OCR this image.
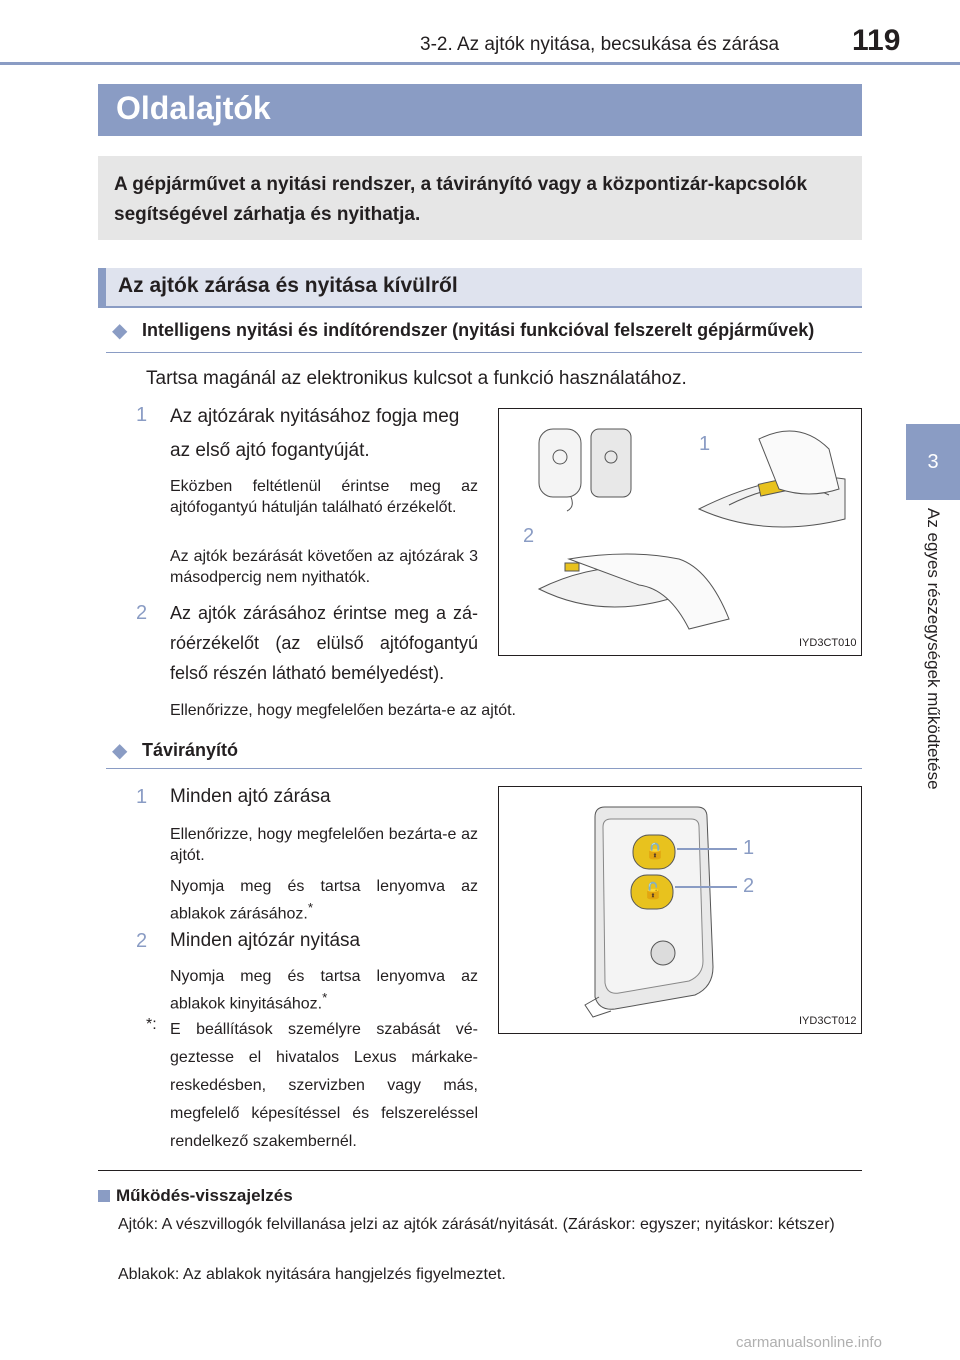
3-2. Az ajtók nyitása, becsukása és zárása 119
3
Az egyes részegységek működtetése
Oldalajtók
A gépjárművet a nyitási rendszer, a távirányító vagy a központizár-kapcsolók segítségével zárhatja és nyithatja.
Az ajtók zárása és nyitása kívülről
◆ Intelligens nyitási és indítórendszer (nyitási funkcióval felszerelt gépjárművek)
Tartsa magánál az elektronikus kulcsot a funkció használatához.
1 Az ajtózárak nyitásához fogja meg
az első ajtó fogantyúját.
Eközben feltétlenül érintse meg az ajtófogantyú hátulján található érzékelőt.
Az ajtók bezárását követően az ajtózárak 3 másodpercig nem nyithatók.
2 Az ajtók zárásához érintse meg a záróérzékelőt (az elülső ajtófogantyú felső részén látható bemélyedést).
Ellenőrizze, hogy megfelelően bezárta-e az ajtót.
1
2
IYD3CT010
◆ Távirányító
1 Minden ajtó zárása
Ellenőrizze, hogy megfelelően bezárta-e az ajtót.
Nyomja meg és tartsa lenyomva az ablakok zárásához.*
2 Minden ajtózár nyitása
Nyomja meg és tartsa lenyomva az ablakok kinyitásához.*
*: E beállítások személyre szabását végeztesse el hivatalos Lexus márkakereskedésben, szervizben vagy más, megfelelő képesítéssel és felszereléssel rendelkező szakembernél.
🔒
🔓
1
2
IYD3CT012
Működés-visszajelzés
Ajtók: A vészvillogók felvillanása jelzi az ajtók zárását/nyitását. (Záráskor: egyszer; nyitáskor: kétszer)
Ablakok: Az ablakok nyitására hangjelzés figyelmeztet.
carmanualsonline.info
